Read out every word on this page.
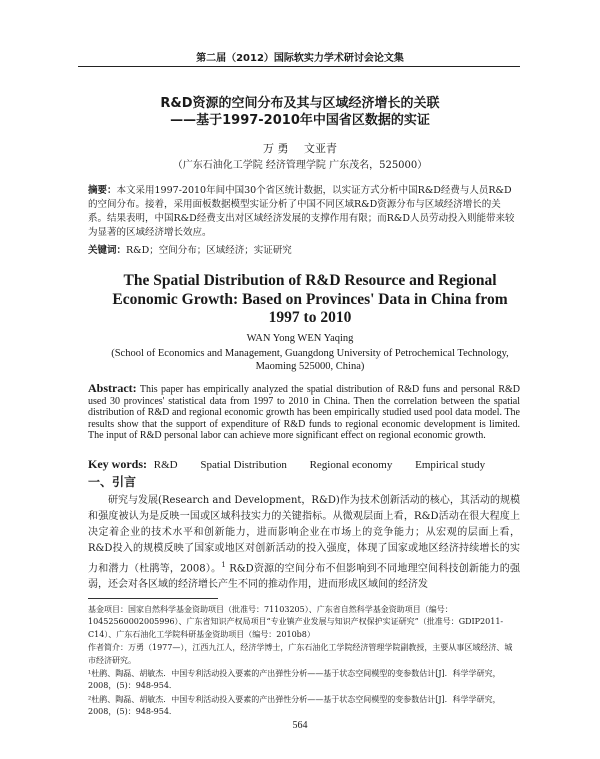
第二届（2012）国际软实力学术研讨会论文集
R&D资源的空间分布及其与区域经济增长的关联
——基于1997-2010年中国省区数据的实证
万 勇 文亚青
（广东石油化工学院 经济管理学院 广东茂名，525000）
摘要：本文采用1997-2010年间中国30个省区统计数据，以实证方式分析中国R&D经费与人员R&D的空间分布。接着，采用面板数据模型实证分析了中国不同区域R&D资源分布与区域经济增长的关系。结果表明，中国R&D经费支出对区域经济发展的支撑作用有限；而R&D人员劳动投入则能带来较为显著的区域经济增长效应。
关键词：R&D；空间分布；区域经济；实证研究
The Spatial Distribution of R&D Resource and Regional Economic Growth: Based on Provinces' Data in China from 1997 to 2010
WAN Yong WEN Yaqing
(School of Economics and Management, Guangdong University of Petrochemical Technology, Maoming 525000, China)
Abstract: This paper has empirically analyzed the spatial distribution of R&D funs and personal R&D used 30 provinces' statistical data from 1997 to 2010 in China. Then the correlation between the spatial distribution of R&D and regional economic growth has been empirically studied used pool data model. The results show that the support of expenditure of R&D funds to regional economic development is limited. The input of R&D personal labor can achieve more significant effect on regional economic growth.
Key words: R&D Spatial Distribution Regional economy Empirical study
一、引言

研究与发展(Research and Development，R&D)作为技术创新活动的核心，其活动的规模和强度被认为是反映一国或区域科技实力的关键指标。从微观层面上看，R&D活动在很大程度上决定着企业的技术水平和创新能力，进而影响企业在市场上的竞争能力；从宏观的层面上看，R&D投入的规模反映了国家或地区对创新活动的投入强度，体现了国家或地区经济持续增长的实力和潜力（杜鹃等，2008）。$^1$ R&D资源的空间分布不但影响到不同地理空间科技创新能力的强弱，还会对各区域的经济增长产生不同的推动作用，进而形成区域间的经济发

基金项目：国家自然科学基金资助项目（批准号：71103205）、广东省自然科学基金资助项目（编号：10452560002005996）、广东省知识产权局项目“专业镇产业发展与知识产权保护实证研究”（批准号：GDIP2011-C14）、广东石油化工学院科研基金资助项目（编号：2010b8）

作者简介：万勇（1977—），江西九江人，经济学博士，广东石油化工学院经济管理学院副教授，主要从事区域经济、城市经济研究。

¹杜鹃、陶磊、胡敏杰．中国专利活动投入要素的产出弹性分析——基于状态空间模型的变参数估计[J]．科学学研究，2008，(5)：948-954．

²杜鹃、陶磊、胡敏杰．中国专利活动投入要素的产出弹性分析——基于状态空间模型的变参数估计[J]．科学学研究，2008，(5)：948-954．

564
